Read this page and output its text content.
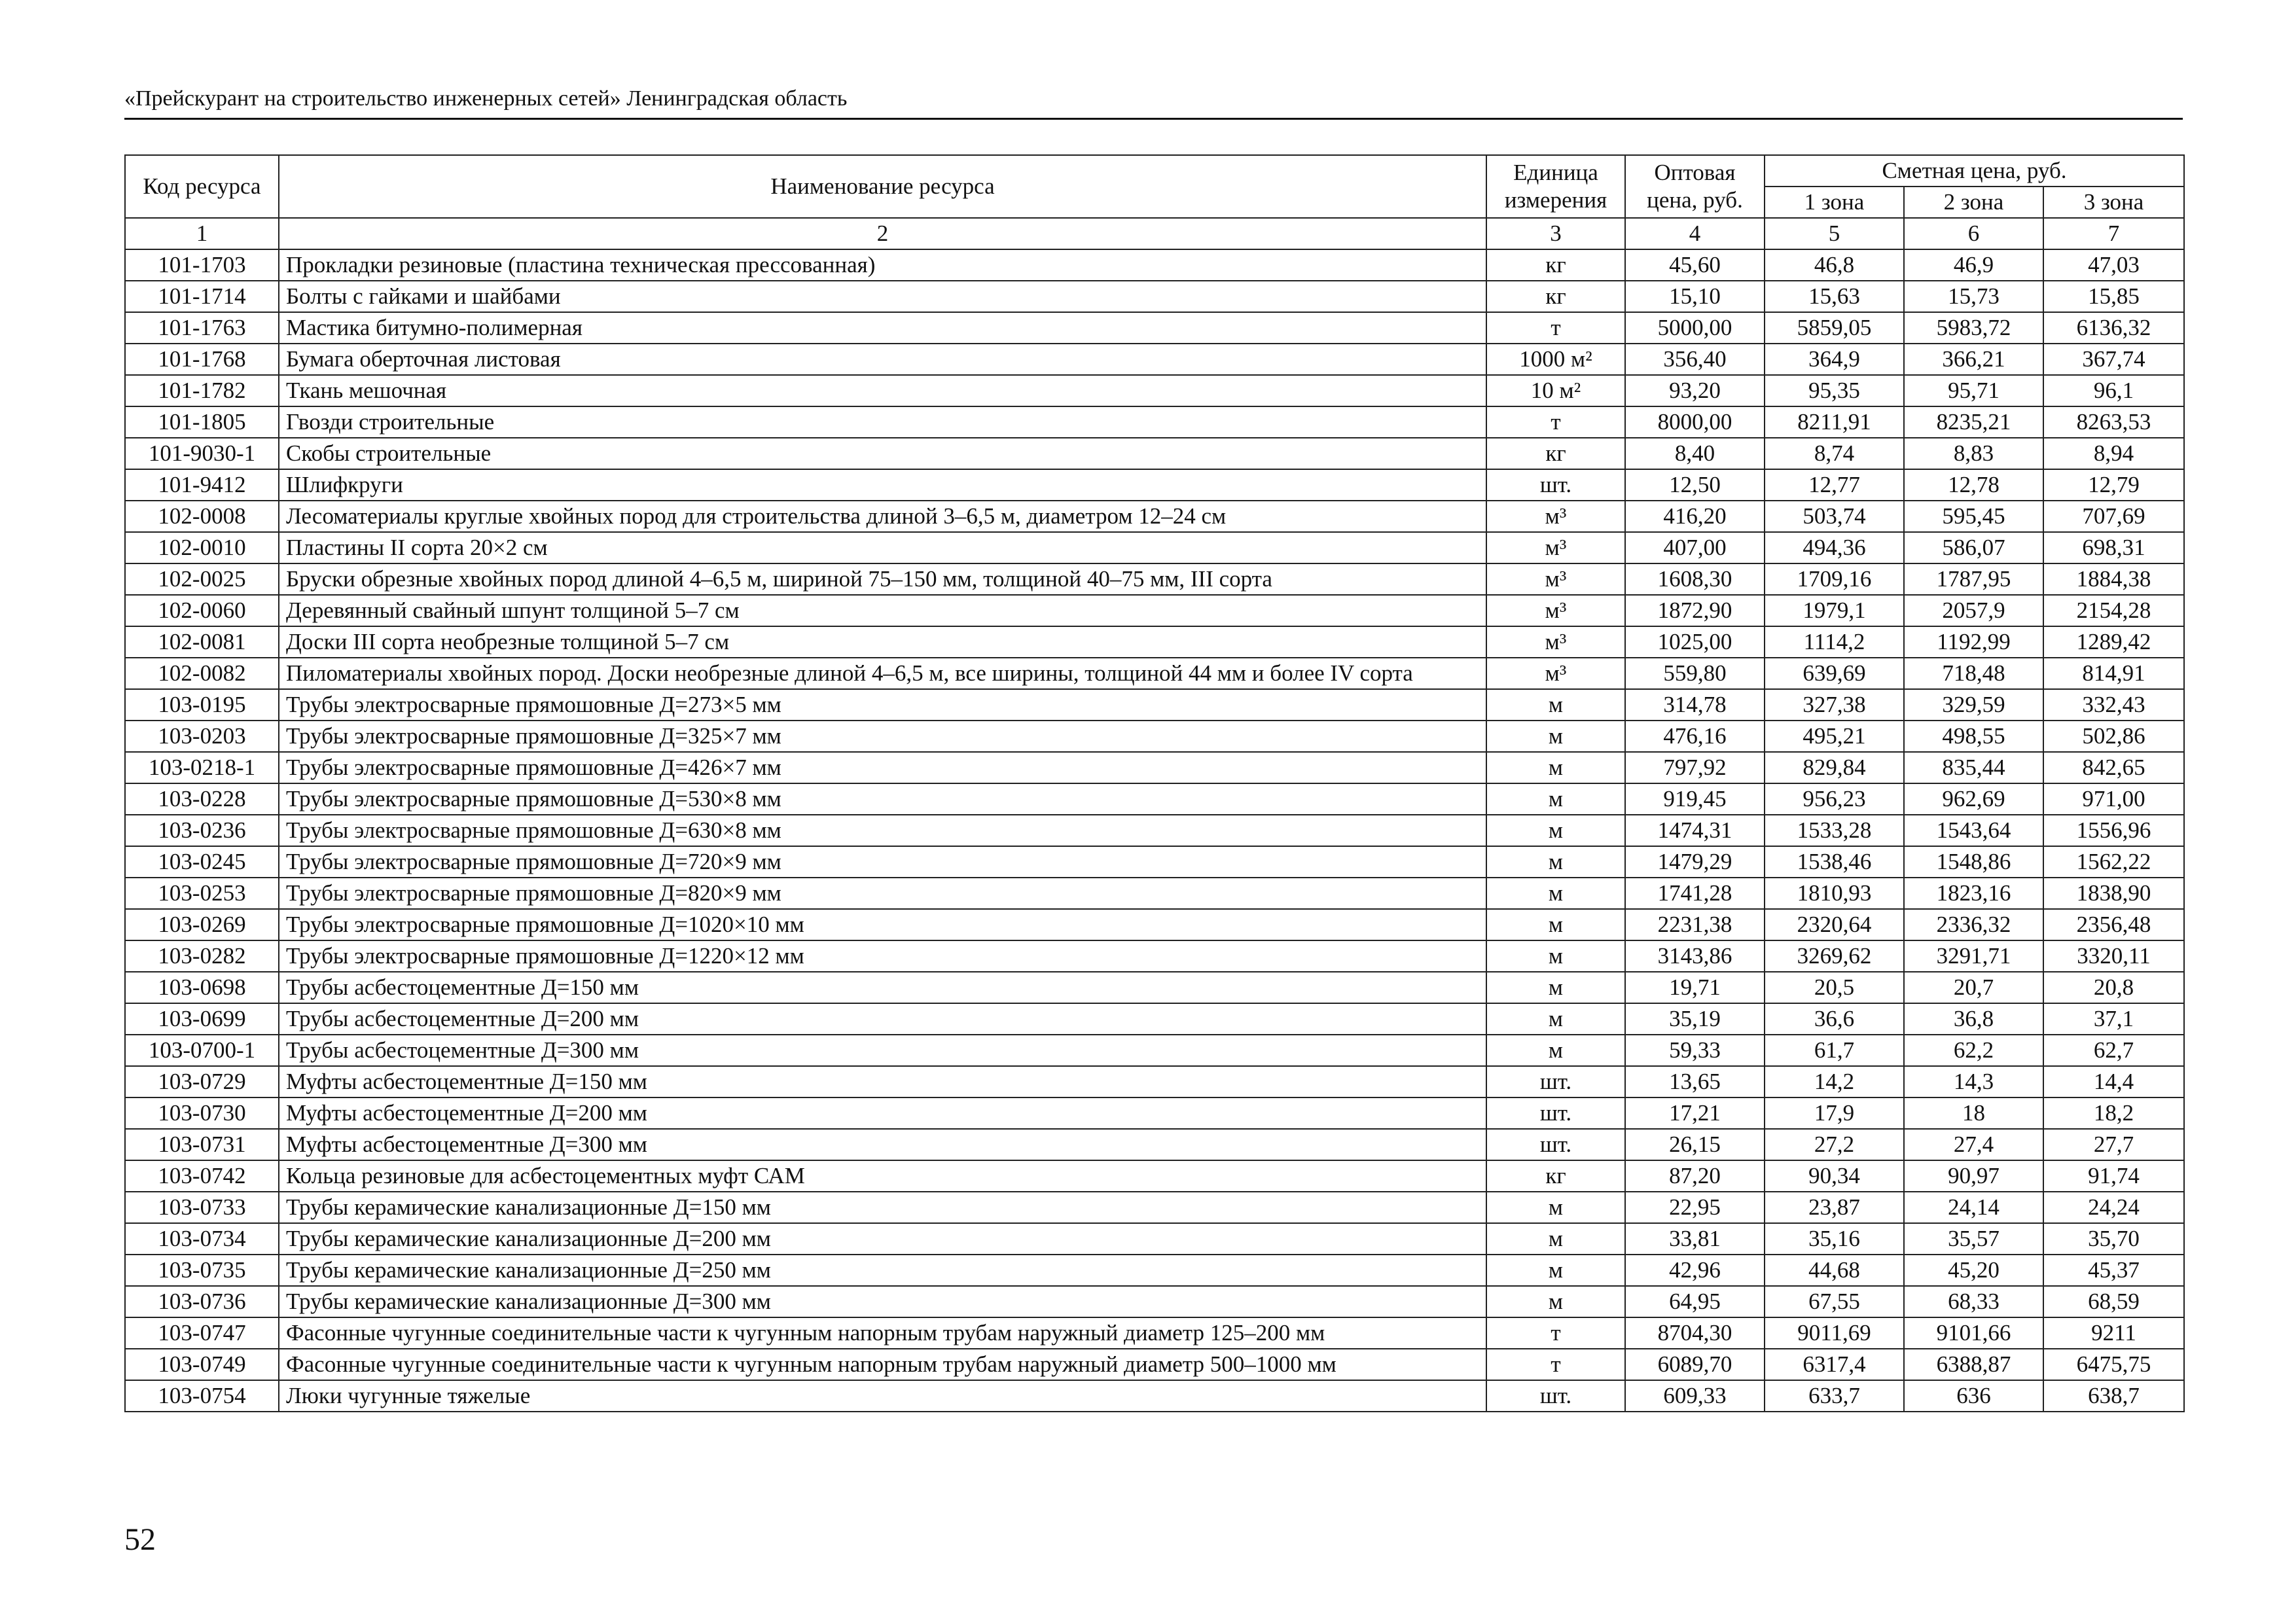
«Прейскурант на строительство инженерных сетей» Ленинградская область
Код ресурса	Наименование ресурса	Единица измерения	Оптовая цена, руб.	Сметная цена, руб.		
				1 зона	2 зона	3 зона
1	2	3	4	5	6	7
101-1703	Прокладки резиновые (пластина техническая прессованная)	кг	45,60	46,8	46,9	47,03
101-1714	Болты с гайками и шайбами	кг	15,10	15,63	15,73	15,85
101-1763	Мастика битумно-полимерная	т	5000,00	5859,05	5983,72	6136,32
101-1768	Бумага оберточная листовая	1000 м²	356,40	364,9	366,21	367,74
101-1782	Ткань мешочная	10 м²	93,20	95,35	95,71	96,1
101-1805	Гвозди строительные	т	8000,00	8211,91	8235,21	8263,53
101-9030-1	Скобы строительные	кг	8,40	8,74	8,83	8,94
101-9412	Шлифкруги	шт.	12,50	12,77	12,78	12,79
102-0008	Лесоматериалы круглые хвойных пород для строительства длиной 3–6,5 м, диаметром 12–24 см	м³	416,20	503,74	595,45	707,69
102-0010	Пластины II сорта 20×2 см	м³	407,00	494,36	586,07	698,31
102-0025	Бруски обрезные хвойных пород длиной 4–6,5 м, шириной 75–150 мм, толщиной 40–75 мм, III сорта	м³	1608,30	1709,16	1787,95	1884,38
102-0060	Деревянный свайный шпунт толщиной 5–7 см	м³	1872,90	1979,1	2057,9	2154,28
102-0081	Доски III сорта необрезные толщиной 5–7 см	м³	1025,00	1114,2	1192,99	1289,42
102-0082	Пиломатериалы хвойных пород. Доски необрезные длиной 4–6,5 м, все ширины, толщиной 44 мм и более IV сорта	м³	559,80	639,69	718,48	814,91
103-0195	Трубы электросварные прямошовные Д=273×5 мм	м	314,78	327,38	329,59	332,43
103-0203	Трубы электросварные прямошовные Д=325×7 мм	м	476,16	495,21	498,55	502,86
103-0218-1	Трубы электросварные прямошовные Д=426×7 мм	м	797,92	829,84	835,44	842,65
103-0228	Трубы электросварные прямошовные Д=530×8 мм	м	919,45	956,23	962,69	971,00
103-0236	Трубы электросварные прямошовные Д=630×8 мм	м	1474,31	1533,28	1543,64	1556,96
103-0245	Трубы электросварные прямошовные Д=720×9 мм	м	1479,29	1538,46	1548,86	1562,22
103-0253	Трубы электросварные прямошовные Д=820×9 мм	м	1741,28	1810,93	1823,16	1838,90
103-0269	Трубы электросварные прямошовные Д=1020×10 мм	м	2231,38	2320,64	2336,32	2356,48
103-0282	Трубы электросварные прямошовные Д=1220×12 мм	м	3143,86	3269,62	3291,71	3320,11
103-0698	Трубы асбестоцементные Д=150 мм	м	19,71	20,5	20,7	20,8
103-0699	Трубы асбестоцементные Д=200 мм	м	35,19	36,6	36,8	37,1
103-0700-1	Трубы асбестоцементные Д=300 мм	м	59,33	61,7	62,2	62,7
103-0729	Муфты асбестоцементные Д=150 мм	шт.	13,65	14,2	14,3	14,4
103-0730	Муфты асбестоцементные Д=200 мм	шт.	17,21	17,9	18	18,2
103-0731	Муфты асбестоцементные Д=300 мм	шт.	26,15	27,2	27,4	27,7
103-0742	Кольца резиновые для асбестоцементных муфт САМ	кг	87,20	90,34	90,97	91,74
103-0733	Трубы керамические канализационные Д=150 мм	м	22,95	23,87	24,14	24,24
103-0734	Трубы керамические канализационные Д=200 мм	м	33,81	35,16	35,57	35,70
103-0735	Трубы керамические канализационные Д=250 мм	м	42,96	44,68	45,20	45,37
103-0736	Трубы керамические канализационные Д=300 мм	м	64,95	67,55	68,33	68,59
103-0747	Фасонные чугунные соединительные части к чугунным напорным трубам наружный диаметр 125–200 мм	т	8704,30	9011,69	9101,66	9211
103-0749	Фасонные чугунные соединительные части к чугунным напорным трубам наружный диаметр 500–1000 мм	т	6089,70	6317,4	6388,87	6475,75
103-0754	Люки чугунные тяжелые	шт.	609,33	633,7	636	638,7
52
